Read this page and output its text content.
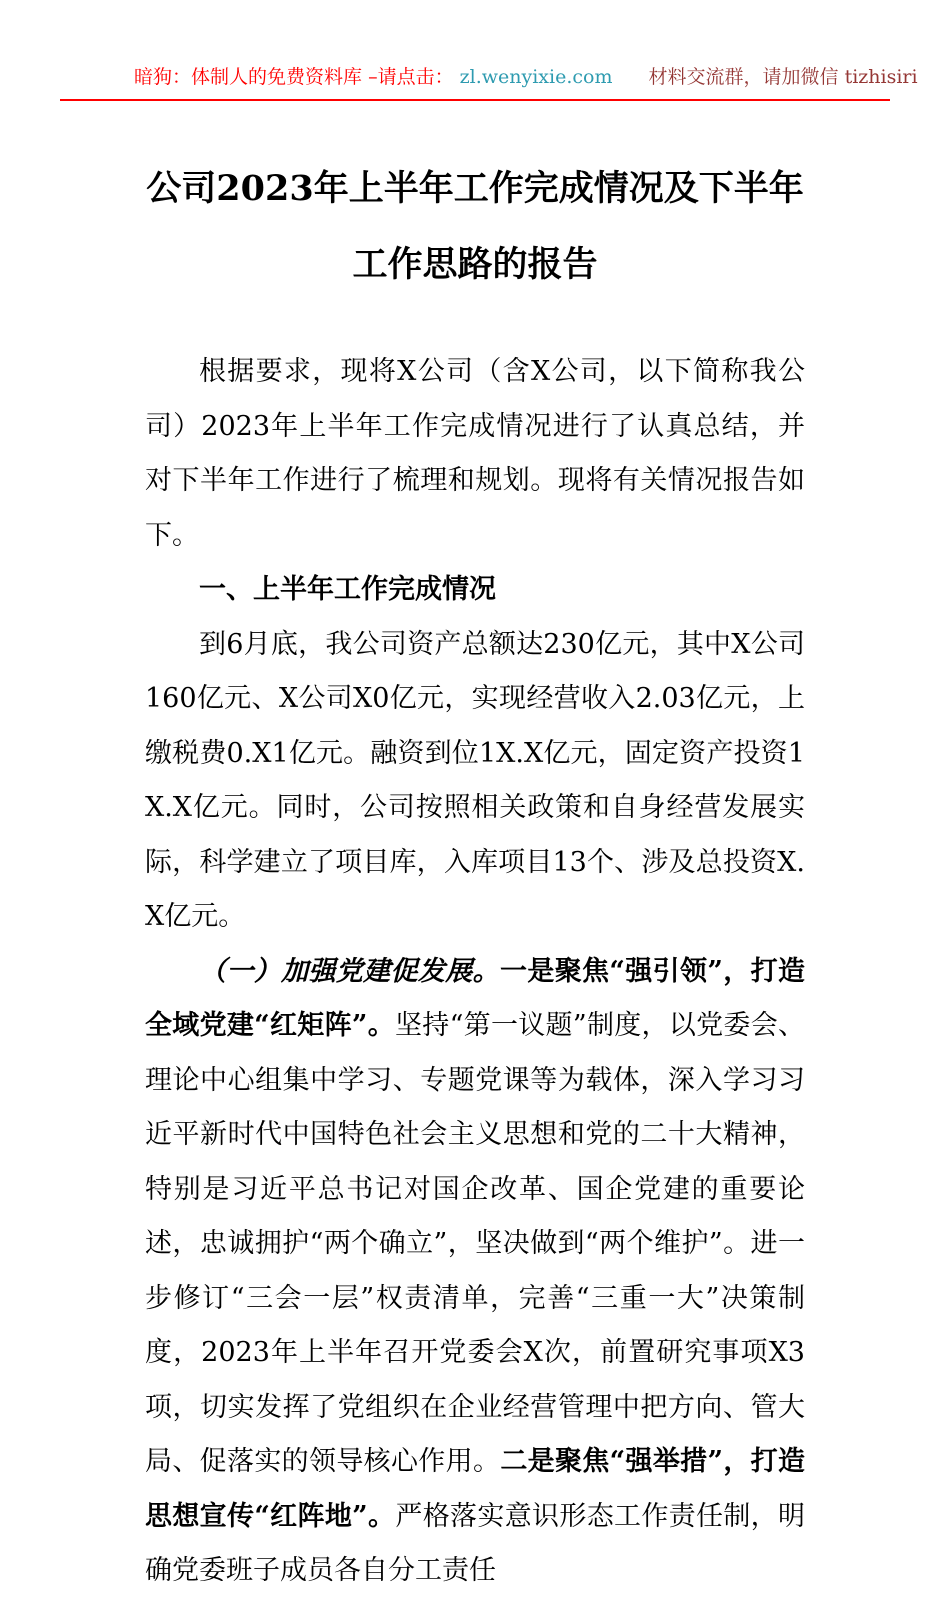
暗狗：体制人的免费资料库 –请点击： zl.wenyixie.com 材料交流群，请加微信 tizhisiri
公司2023年上半年工作完成情况及下半年工作思路的报告

根据要求，现将X公司（含X公司，以下简称我公司）2023年上半年工作完成情况进行了认真总结，并对下半年工作进行了梳理和规划。现将有关情况报告如下。

一、上半年工作完成情况

到6月底，我公司资产总额达230亿元，其中X公司160亿元、X公司X0亿元，实现经营收入2.03亿元，上缴税费0.X1亿元。融资到位1X.X亿元，固定资产投资1X.X亿元。同时，公司按照相关政策和自身经营发展实际，科学建立了项目库，入库项目13个、涉及总投资X.X亿元。

（一）加强党建促发展。一是聚焦“强引领”，打造全域党建“红矩阵”。坚持“第一议题”制度，以党委会、理论中心组集中学习、专题党课等为载体，深入学习习近平新时代中国特色社会主义思想和党的二十大精神，特别是习近平总书记对国企改革、国企党建的重要论述，忠诚拥护“两个确立”，坚决做到“两个维护”。进一步修订“三会一层”权责清单，完善“三重一大”决策制度，2023年上半年召开党委会X次，前置研究事项X3项，切实发挥了党组织在企业经营管理中把方向、管大局、促落实的领导核心作用。二是聚焦“强举措”，打造思想宣传“红阵地”。严格落实意识形态工作责任制，明确党委班子成员各自分工责任
